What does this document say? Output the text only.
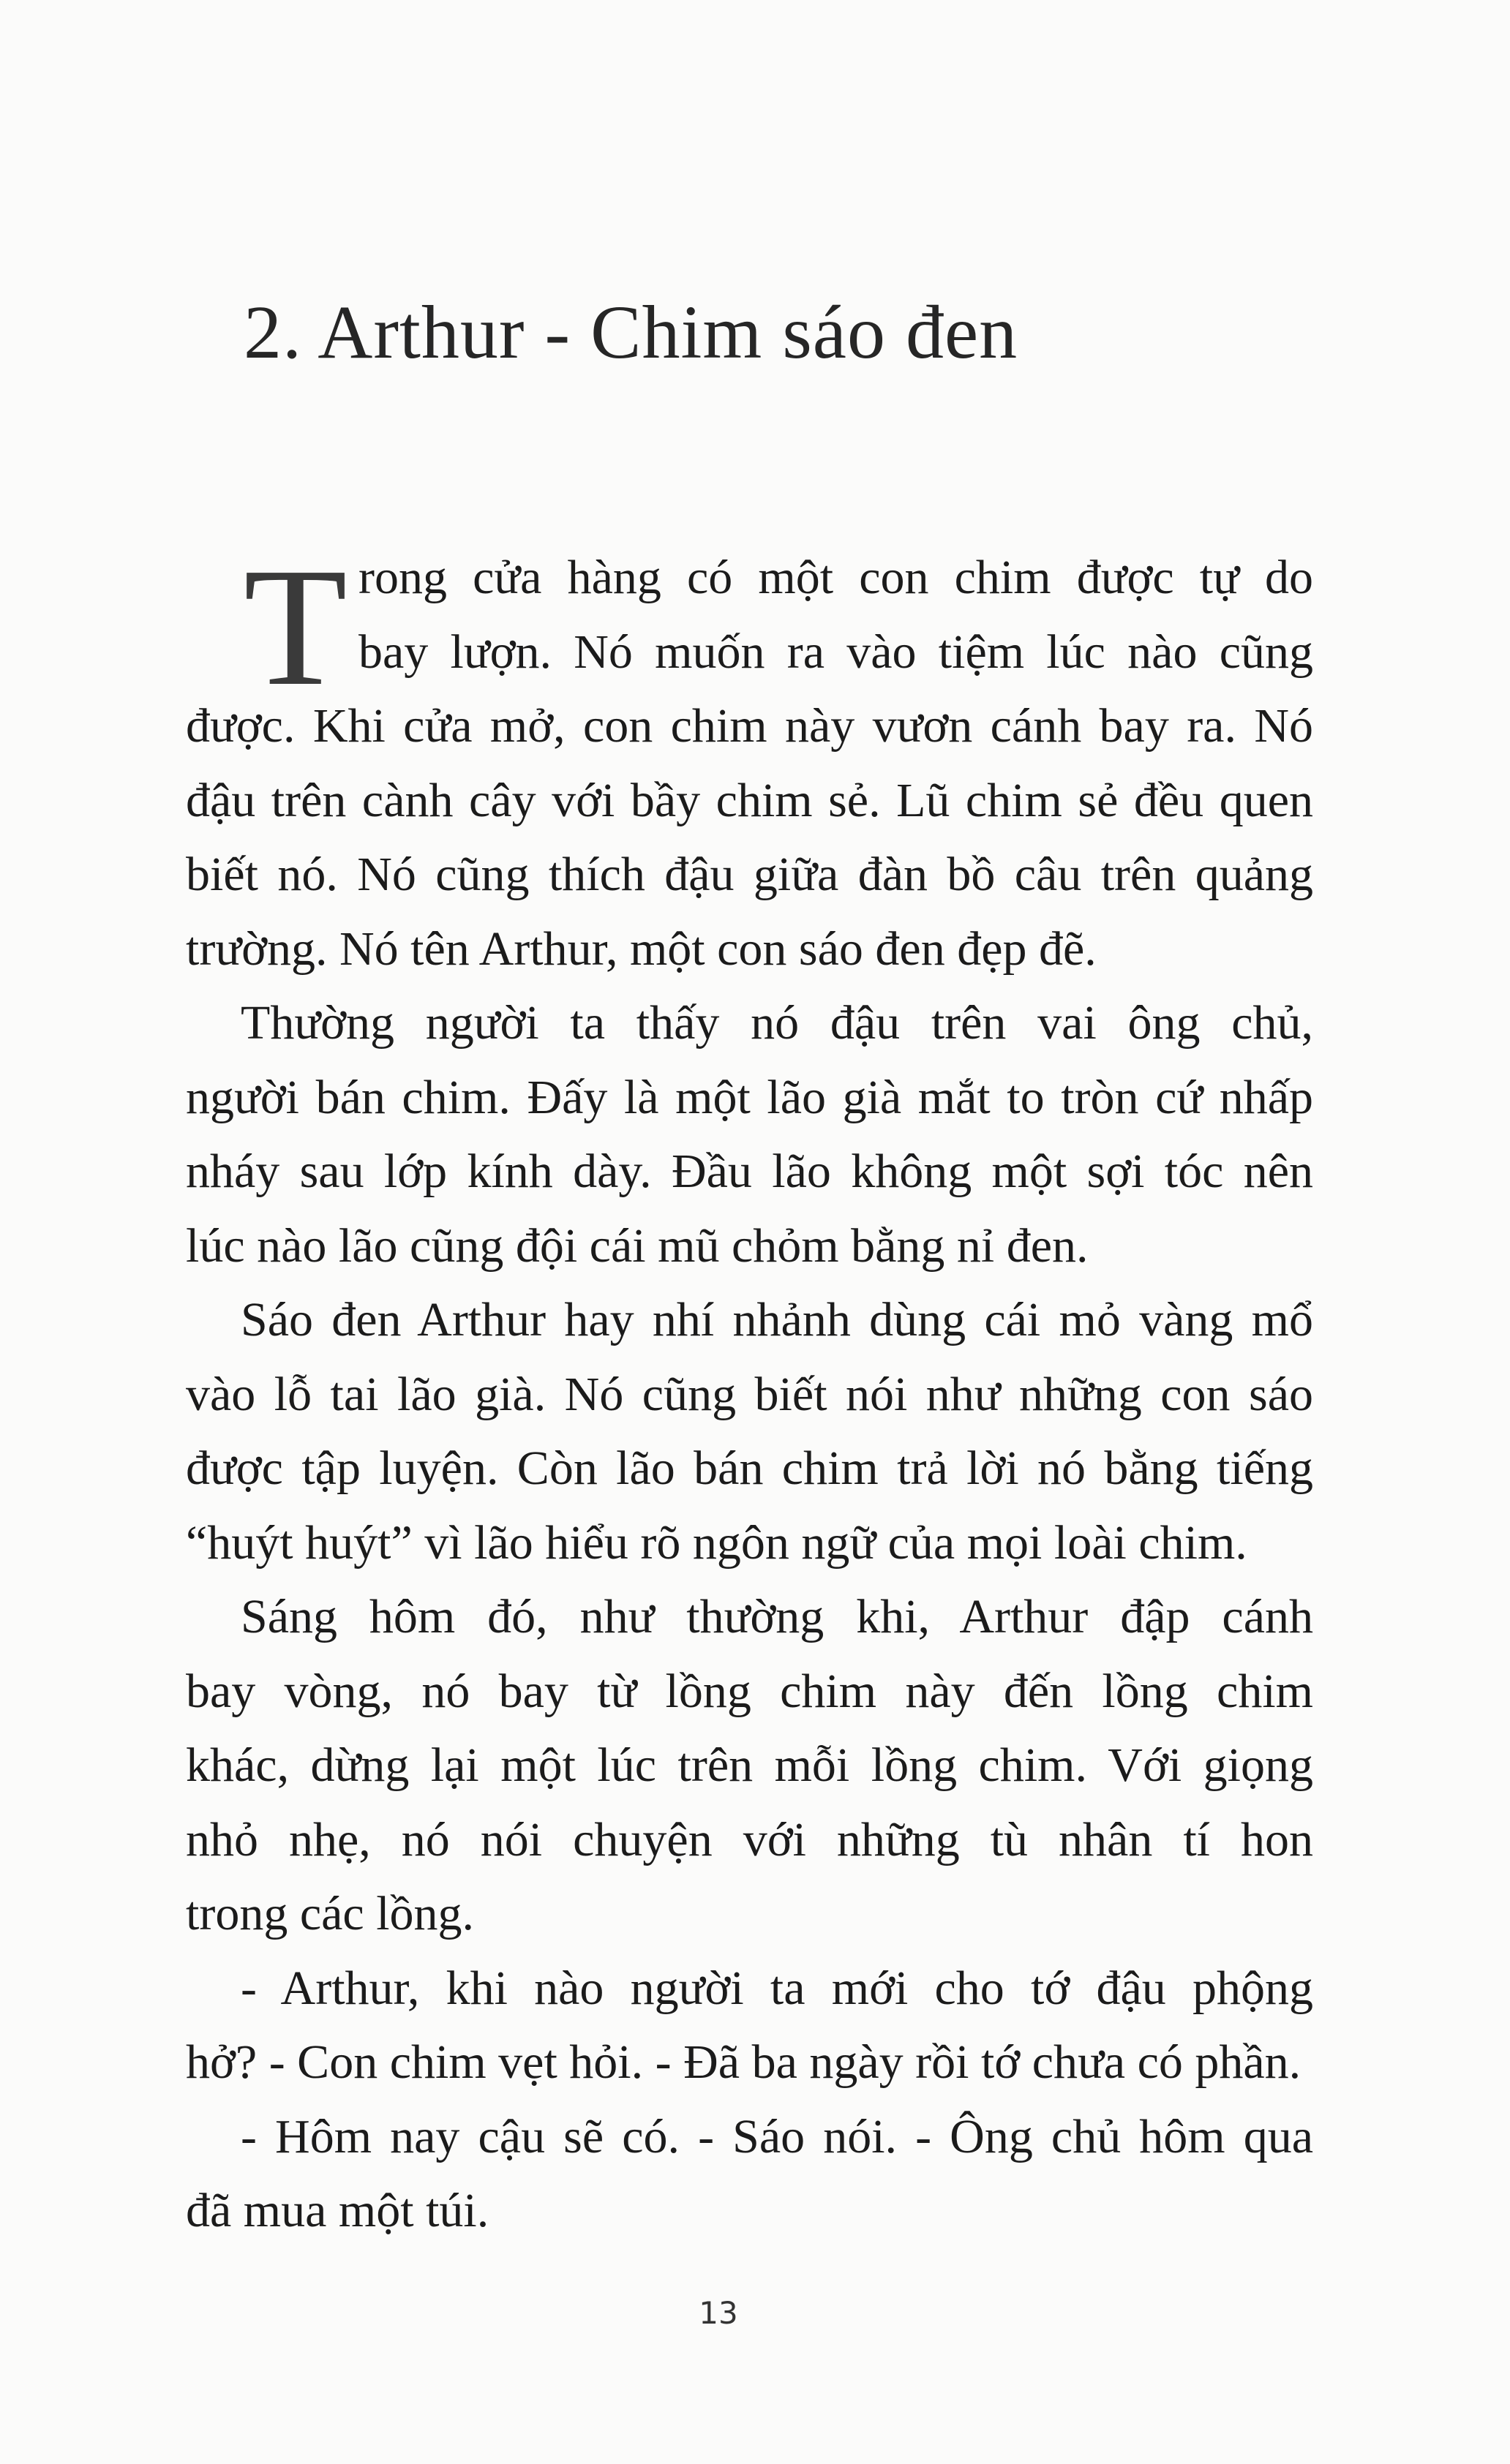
2. Arthur - Chim sáo đen
T rong cửa hàng có một con chim được tự do
bay lượn. Nó muốn ra vào tiệm lúc nào cũng
được. Khi cửa mở, con chim này vươn cánh bay ra. Nó
đậu trên cành cây với bầy chim sẻ. Lũ chim sẻ đều quen
biết nó. Nó cũng thích đậu giữa đàn bồ câu trên quảng
trường. Nó tên Arthur, một con sáo đen đẹp đẽ.
Thường người ta thấy nó đậu trên vai ông chủ,
người bán chim. Đấy là một lão già mắt to tròn cứ nhấp
nháy sau lớp kính dày. Đầu lão không một sợi tóc nên
lúc nào lão cũng đội cái mũ chỏm bằng nỉ đen.
Sáo đen Arthur hay nhí nhảnh dùng cái mỏ vàng mổ
vào lỗ tai lão già. Nó cũng biết nói như những con sáo
được tập luyện. Còn lão bán chim trả lời nó bằng tiếng
“huýt huýt” vì lão hiểu rõ ngôn ngữ của mọi loài chim.
Sáng hôm đó, như thường khi, Arthur đập cánh
bay vòng, nó bay từ lồng chim này đến lồng chim
khác, dừng lại một lúc trên mỗi lồng chim. Với giọng
nhỏ nhẹ, nó nói chuyện với những tù nhân tí hon
trong các lồng.
- Arthur, khi nào người ta mới cho tớ đậu phộng
hở? - Con chim vẹt hỏi. - Đã ba ngày rồi tớ chưa có phần.
- Hôm nay cậu sẽ có. - Sáo nói. - Ông chủ hôm qua
đã mua một túi.
13
